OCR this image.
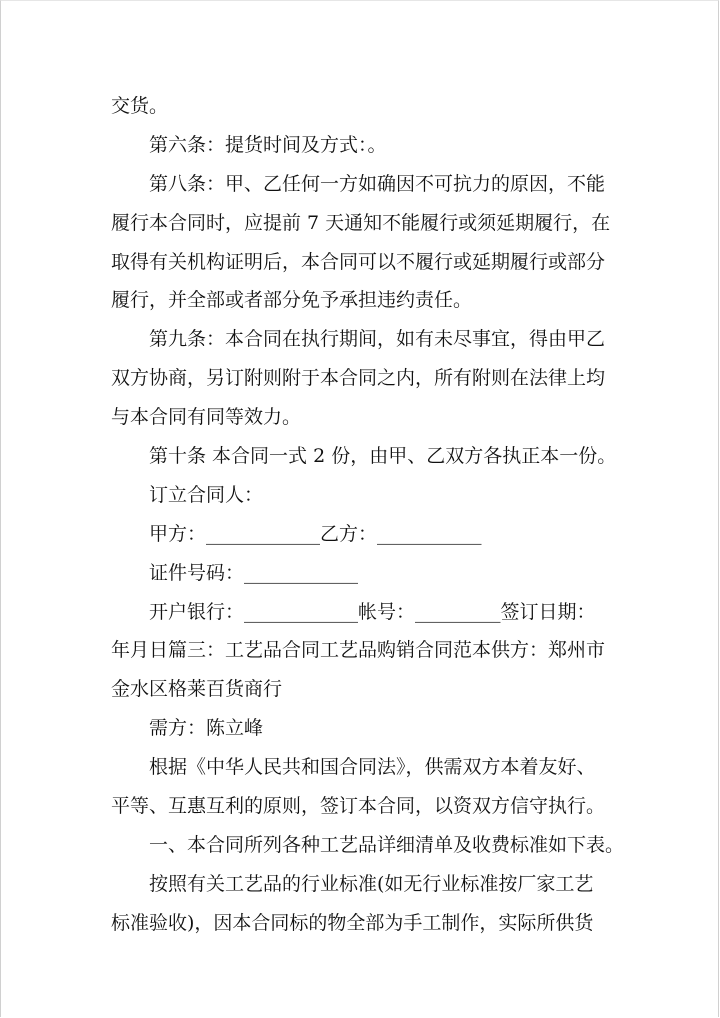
交货。
第六条：提货时间及方式：。
第八条：甲、乙任何一方如确因不可抗力的原因，不能
履行本合同时，应提前 7 天通知不能履行或须延期履行，在
取得有关机构证明后，本合同可以不履行或延期履行或部分
履行，并全部或者部分免予承担违约责任。
第九条：本合同在执行期间，如有未尽事宜，得由甲乙
双方协商，另订附则附于本合同之内，所有附则在法律上均
与本合同有同等效力。
第十条 本合同一式 2 份，由甲、乙双方各执正本一份。
订立合同人：
甲方：____________乙方：___________
证件号码：____________
开户银行：____________帐号：_________签订日期：
年月日篇三：工艺品合同工艺品购销合同范本供方：郑州市
金水区格莱百货商行
需方：陈立峰
根据《中华人民共和国合同法》，供需双方本着友好、
平等、互惠互利的原则，签订本合同，以资双方信守执行。
一、本合同所列各种工艺品详细清单及收费标准如下表。
按照有关工艺品的行业标准(如无行业标准按厂家工艺
标准验收)，因本合同标的物全部为手工制作，实际所供货
